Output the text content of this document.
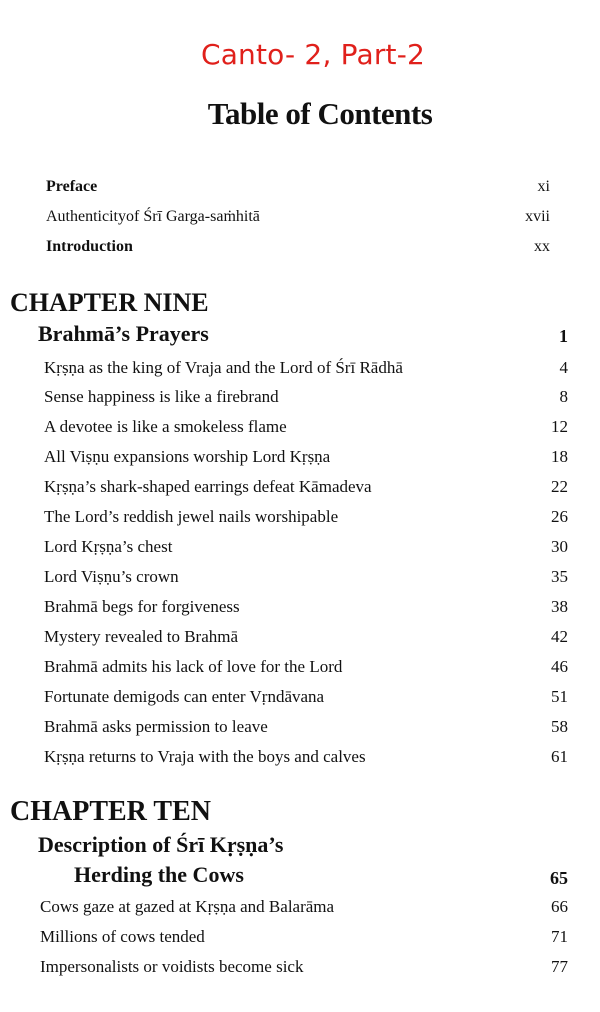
Canto- 2, Part-2
Table of Contents
Preface	xi
Authenticityof Śrī Garga-saṁhitā	xvii
Introduction	xx
CHAPTER NINE
Brahmā’s Prayers	1
Kṛṣṇa as the king of Vraja and the Lord of Śrī Rādhā	4
Sense happiness is like a firebrand	8
A devotee is like a smokeless flame	12
All Viṣṇu expansions worship Lord Kṛṣṇa	18
Kṛṣṇa’s shark-shaped earrings defeat Kāmadeva	22
The Lord’s reddish jewel nails worshipable	26
Lord Kṛṣṇa’s chest	30
Lord Viṣṇu’s crown	35
Brahmā begs for forgiveness	38
Mystery revealed to Brahmā	42
Brahmā admits his lack of love for the Lord	46
Fortunate demigods can enter Vṛndāvana	51
Brahmā asks permission to leave	58
Kṛṣṇa returns to Vraja with the boys and calves	61
CHAPTER TEN
Description of Śrī Kṛṣṇa’s
Herding the Cows	65
Cows gaze at gazed at Kṛṣṇa and Balarāma	66
Millions of cows tended	71
Impersonalists or voidists become sick	77
